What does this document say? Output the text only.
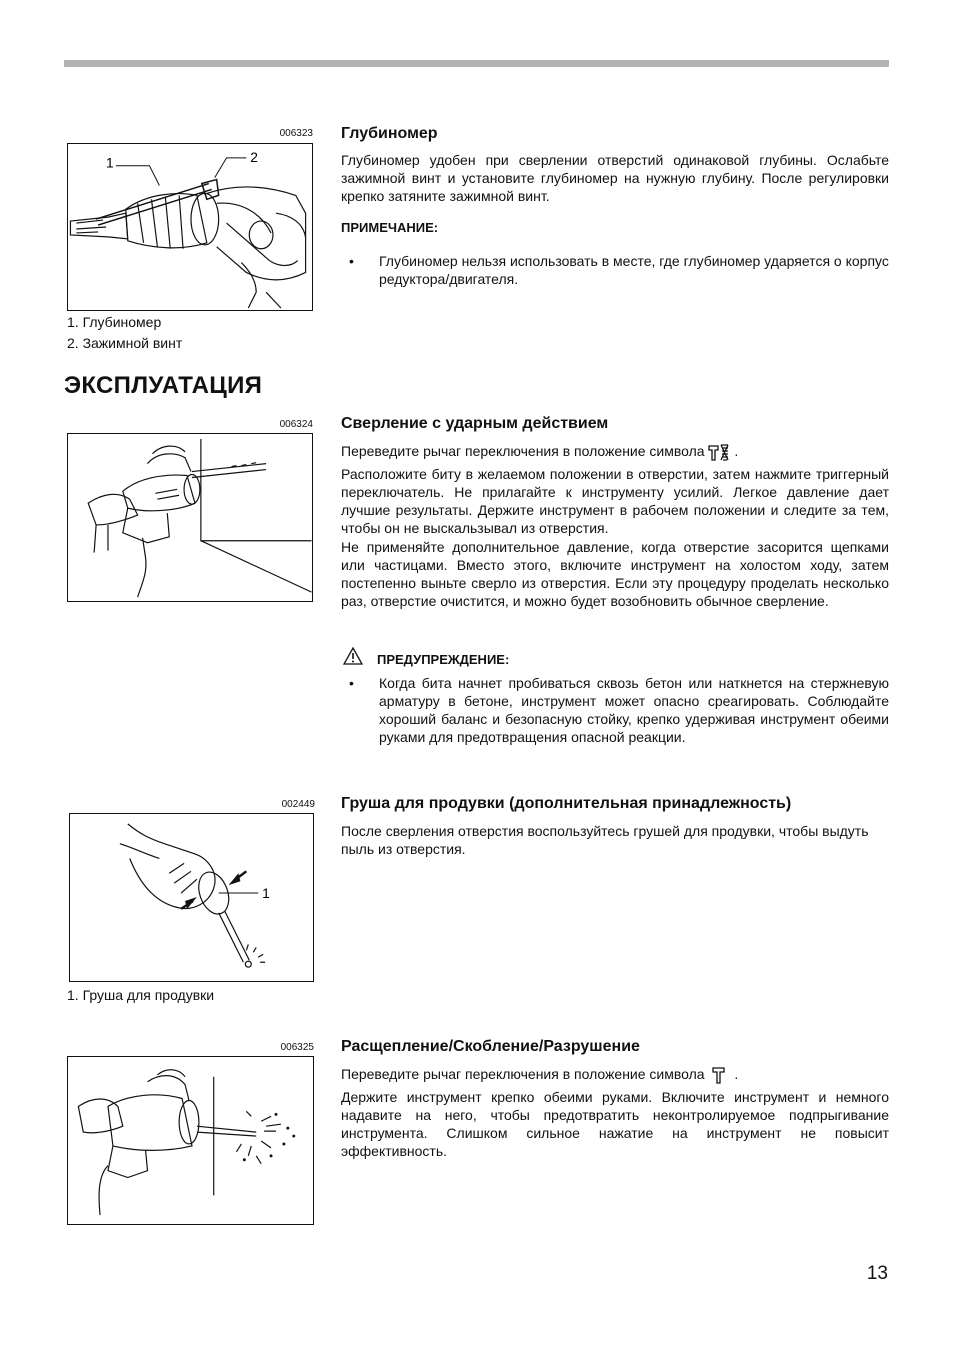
006323
1	2
1. Глубиномер
2. Зажимной винт
Глубиномер

Глубиномер удобен при сверлении отверстий одинаковой глубины. Ослабьте зажимной винт и установите глубиномер на нужную глубину. После регулировки крепко затяните зажимной винт.

ПРИМЕЧАНИЕ:
• Глубиномер нельзя использовать в месте, где глубиномер ударяется о корпус редуктора/двигателя.
ЭКСПЛУАТАЦИЯ
006324 Сверление с ударным действием

Переведите рычаг переключения в положение символа .

Расположите биту в желаемом положении в отверстии, затем нажмите триггерный переключатель. Не прилагайте к инструменту усилий. Легкое давление дает лучшие результаты. Держите инструмент в рабочем положении и следите за тем, чтобы он не выскальзывал из отверстия.

Не применяйте дополнительное давление, когда отверстие засорится щепками или частицами. Вместо этого, включите инструмент на холостом ходу, затем постепенно выньте сверло из отверстия. Если эту процедуру проделать несколько раз, отверстие очистится, и можно будет возобновить обычное сверление.

ПРЕДУПРЕЖДЕНИЕ:
• Когда бита начнет пробиваться сквозь бетон или наткнется на стержневую арматуру в бетоне, инструмент может опасно среагировать. Соблюдайте хороший баланс и безопасную стойку, крепко удерживая инструмент обеими руками для предотвращения опасной реакции.
002449
1
1. Груша для продувки
Груша для продувки (дополнительная принадлежность)

После сверления отверстия воспользуйтесь грушей для продувки, чтобы выдуть пыль из отверстия.

006325 Расщепление/Скобление/Разрушение

Переведите рычаг переключения в положение символа .

Держите инструмент крепко обеими руками. Включите инструмент и немного надавите на него, чтобы предотвратить неконтролируемое подпрыгивание инструмента. Слишком сильное нажатие на инструмент не повысит эффективность.

13
